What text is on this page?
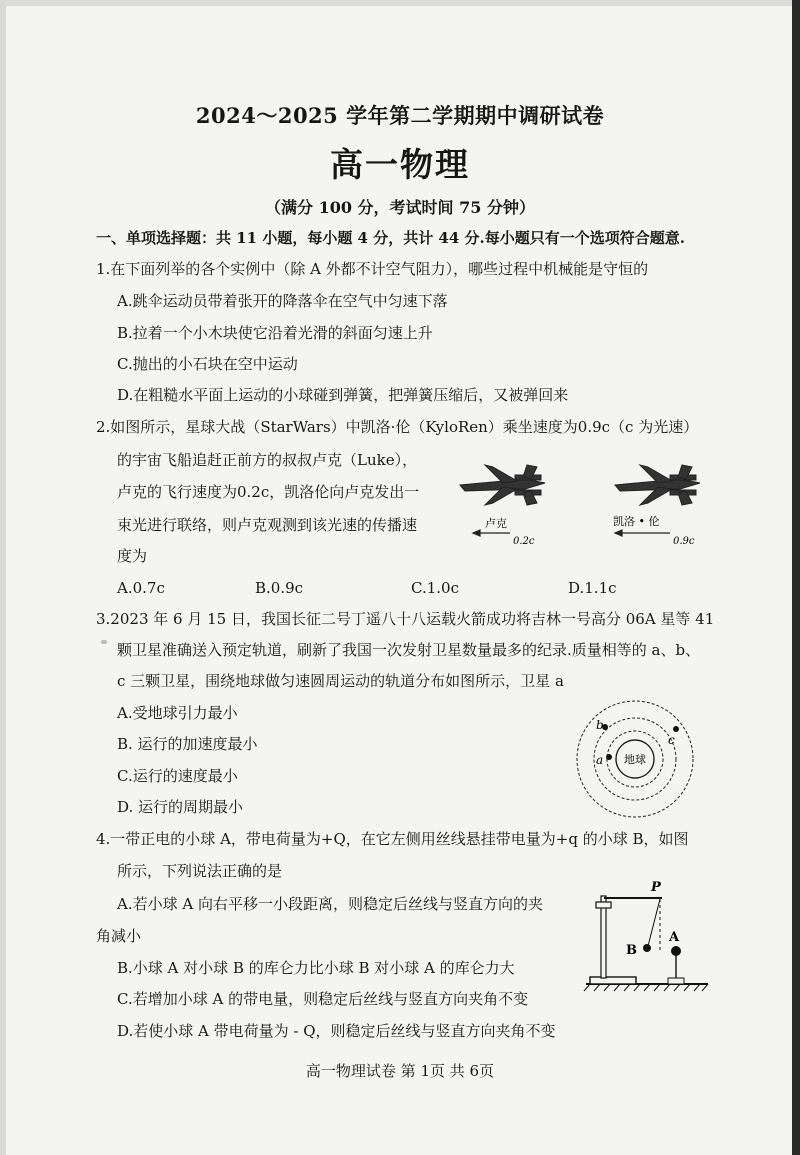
2024～2025 学年第二学期期中调研试卷
高一物理
（满分 100 分，考试时间 75 分钟）
一、单项选择题：共 11 小题，每小题 4 分，共计 44 分.每小题只有一个选项符合题意.
1.在下面列举的各个实例中（除 A 外都不计空气阻力），哪些过程中机械能是守恒的
A.跳伞运动员带着张开的降落伞在空气中匀速下落
B.拉着一个小木块使它沿着光滑的斜面匀速上升
C.抛出的小石块在空中运动
D.在粗糙水平面上运动的小球碰到弹簧，把弹簧压缩后，又被弹回来
2.如图所示，星球大战（StarWars）中凯洛·伦（KyloRen）乘坐速度为0.9c（c 为光速）
的宇宙飞船追赶正前方的叔叔卢克（Luke），
卢克的飞行速度为0.2c，凯洛伦向卢克发出一
束光进行联络，则卢克观测到该光速的传播速
度为
A.0.7c	B.0.9c	C.1.0c	D.1.1c
卢克
0.2c
凯洛 • 伦
0.9c
3.2023 年 6 月 15 日，我国长征二号丁遥八十八运载火箭成功将吉林一号高分 06A 星等 41
颗卫星准确送入预定轨道，刷新了我国一次发射卫星数量最多的纪录.质量相等的 a、b、
c 三颗卫星，围绕地球做匀速圆周运动的轨道分布如图所示，卫星 a
A.受地球引力最小
B. 运行的加速度最小
C.运行的速度最小
D. 运行的周期最小
地球
a
b
c
4.一带正电的小球 A，带电荷量为+Q，在它左侧用丝线悬挂带电量为+q 的小球 B，如图
所示，下列说法正确的是
A.若小球 A 向右平移一小段距离，则稳定后丝线与竖直方向的夹
角减小
B.小球 A 对小球 B 的库仑力比小球 B 对小球 A 的库仑力大
C.若增加小球 A 的带电量，则稳定后丝线与竖直方向夹角不变
D.若使小球 A 带电荷量为 - Q，则稳定后丝线与竖直方向夹角不变
P
B
A
高一物理试卷 第 1页 共 6页
